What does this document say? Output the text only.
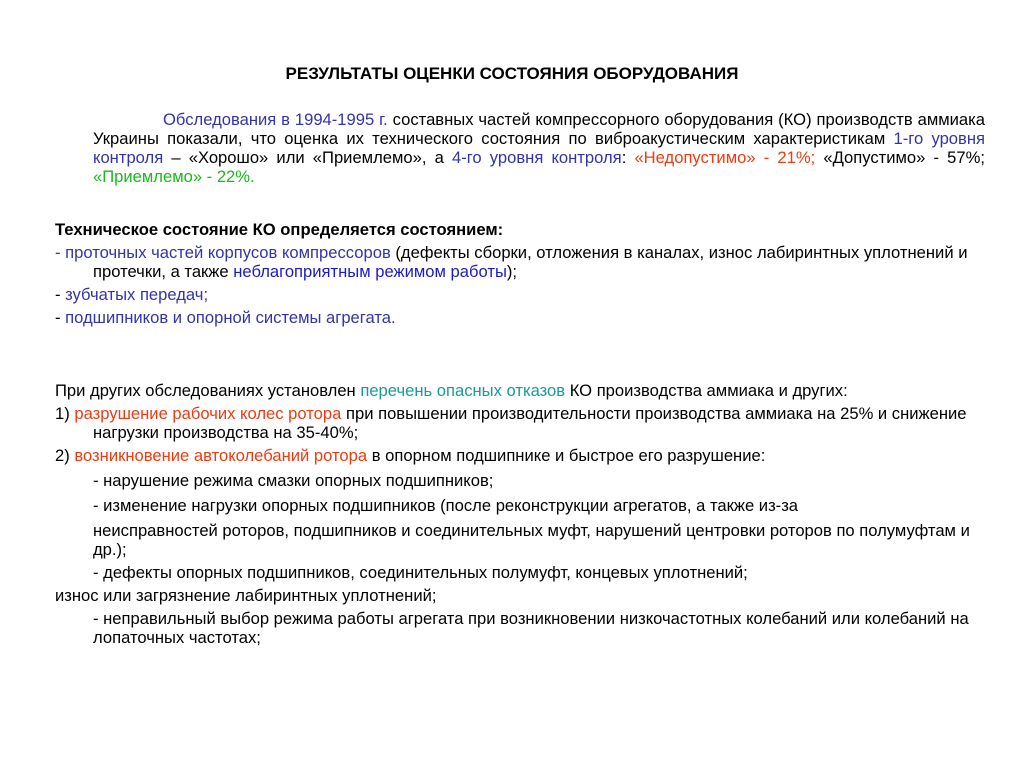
РЕЗУЛЬТАТЫ ОЦЕНКИ СОСТОЯНИЯ ОБОРУДОВАНИЯ
Обследования в 1994-1995 г. составных частей компрессорного оборудования (КО) производств аммиака Украины показали, что оценка их технического состояния по виброакустическим характеристикам 1-го уровня контроля – «Хорошо» или «Приемлемо», а 4-го уровня контроля: «Недопустимо» - 21%; «Допустимо» - 57%; «Приемлемо» - 22%.

Техническое состояние КО определяется состоянием:

- проточных частей корпусов компрессоров (дефекты сборки, отложения в каналах, износ лабиринтных уплотнений и протечки, а также неблагоприятным режимом работы);

- зубчатых передач;

- подшипников и опорной системы агрегата.

При других обследованиях установлен перечень опасных отказов КО производства аммиака и других:

1) разрушение рабочих колес ротора при повышении производительности производства аммиака на 25% и снижение нагрузки производства на 35-40%;

2) возникновение автоколебаний ротора в опорном подшипнике и быстрое его разрушение:

- нарушение режима смазки опорных подшипников;

- изменение нагрузки опорных подшипников (после реконструкции агрегатов, а также из-за

неисправностей роторов, подшипников и соединительных муфт, нарушений центровки роторов по полумуфтам и др.);

- дефекты опорных подшипников, соединительных полумуфт, концевых уплотнений;

износ или загрязнение лабиринтных уплотнений;

- неправильный выбор режима работы агрегата при возникновении низкочастотных колебаний или колебаний на лопаточных частотах;
